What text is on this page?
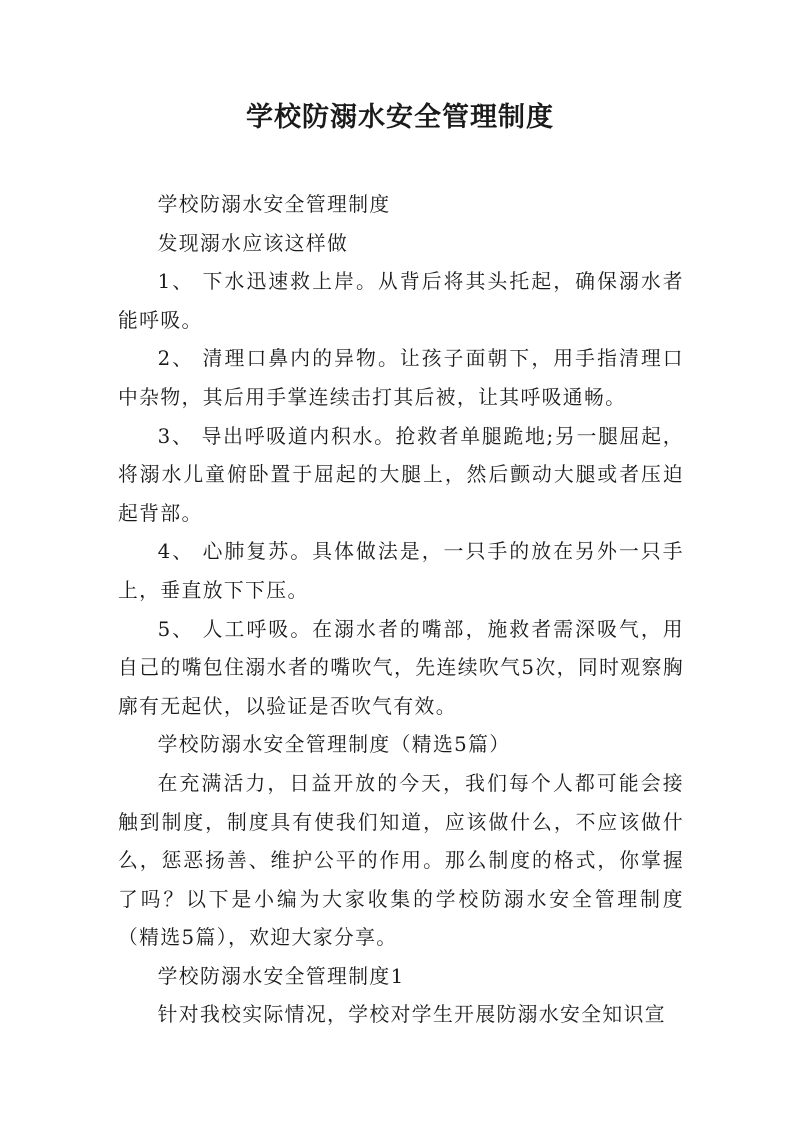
学校防溺水安全管理制度

学校防溺水安全管理制度

发现溺水应该这样做

1、 下水迅速救上岸。从背后将其头托起，确保溺水者能呼吸。

2、 清理口鼻内的异物。让孩子面朝下，用手指清理口中杂物，其后用手掌连续击打其后被，让其呼吸通畅。

3、 导出呼吸道内积水。抢救者单腿跪地;另一腿屈起，将溺水儿童俯卧置于屈起的大腿上，然后颤动大腿或者压迫起背部。

4、 心肺复苏。具体做法是，一只手的放在另外一只手上，垂直放下下压。

5、 人工呼吸。在溺水者的嘴部，施救者需深吸气，用自己的嘴包住溺水者的嘴吹气，先连续吹气5次，同时观察胸廓有无起伏，以验证是否吹气有效。

学校防溺水安全管理制度（精选5篇）

在充满活力，日益开放的今天，我们每个人都可能会接触到制度，制度具有使我们知道，应该做什么，不应该做什么，惩恶扬善、维护公平的作用。那么制度的格式，你掌握了吗？以下是小编为大家收集的学校防溺水安全管理制度（精选5篇），欢迎大家分享。

学校防溺水安全管理制度1

针对我校实际情况，学校对学生开展防溺水安全知识宣
